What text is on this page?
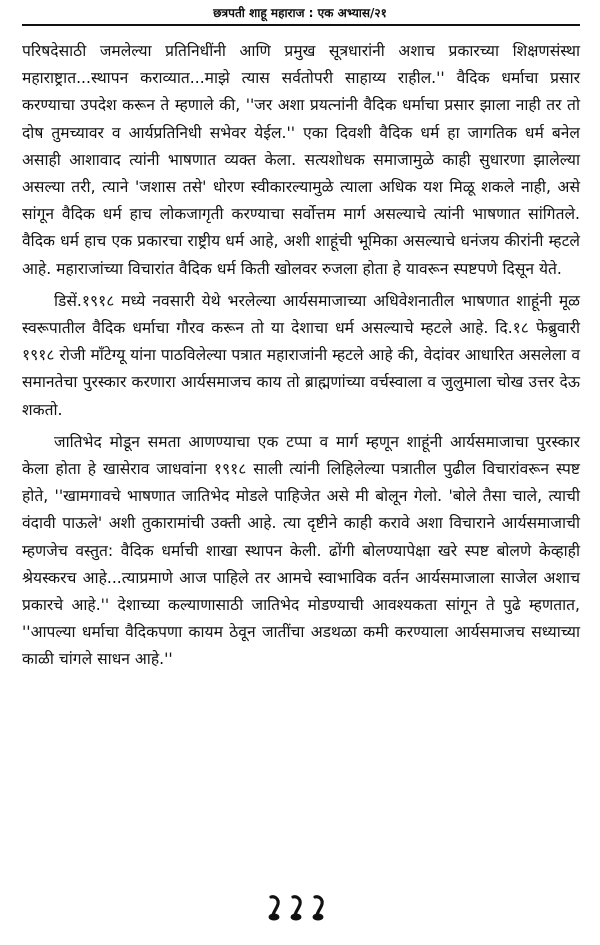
छत्रपती शाहू महाराज : एक अभ्यास/२१

परिषदेसाठी जमलेल्या प्रतिनिधींनी आणि प्रमुख सूत्रधारांनी अशाच प्रकारच्या शिक्षणसंस्था महाराष्ट्रात...स्थापन कराव्यात...माझे त्यास सर्वतोपरी साहाय्य राहील.'' वैदिक धर्माचा प्रसार करण्याचा उपदेश करून ते म्हणाले की, ''जर अशा प्रयत्नांनी वैदिक धर्माचा प्रसार झाला नाही तर तो दोष तुमच्यावर व आर्यप्रतिनिधी सभेवर येईल.'' एका दिवशी वैदिक धर्म हा जागतिक धर्म बनेल असाही आशावाद त्यांनी भाषणात व्यक्त केला. सत्यशोधक समाजामुळे काही सुधारणा झालेल्या असल्या तरी, त्याने 'जशास तसे' धोरण स्वीकारल्यामुळे त्याला अधिक यश मिळू शकले नाही, असे सांगून वैदिक धर्म हाच लोकजागृती करण्याचा सर्वोत्तम मार्ग असल्याचे त्यांनी भाषणात सांगितले. वैदिक धर्म हाच एक प्रकारचा राष्ट्रीय धर्म आहे, अशी शाहूंची भूमिका असल्याचे धनंजय कीरांनी म्हटले आहे. महाराजांच्या विचारांत वैदिक धर्म किती खोलवर रुजला होता हे यावरून स्पष्टपणे दिसून येते.

डिसें.१९१८ मध्ये नवसारी येथे भरलेल्या आर्यसमाजाच्या अधिवेशनातील भाषणात शाहूंनी मूळ स्वरूपातील वैदिक धर्माचा गौरव करून तो या देशाचा धर्म असल्याचे म्हटले आहे. दि.१८ फेब्रुवारी १९१८ रोजी मॉंटेग्यू यांना पाठविलेल्या पत्रात महाराजांनी म्हटले आहे की, वेदांवर आधारित असलेला व समानतेचा पुरस्कार करणारा आर्यसमाजच काय तो ब्राह्मणांच्या वर्चस्वाला व जुलुमाला चोख उत्तर देऊ शकतो.

जातिभेद मोडून समता आणण्याचा एक टप्पा व मार्ग म्हणून शाहूंनी आर्यसमाजाचा पुरस्कार केला होता हे खासेराव जाधवांना १९१८ साली त्यांनी लिहिलेल्या पत्रातील पुढील विचारांवरून स्पष्ट होते, ''खामगावचे भाषणात जातिभेद मोडले पाहिजेत असे मी बोलून गेलो. 'बोले तैसा चाले, त्याची वंदावी पाऊले' अशी तुकारामांची उक्ती आहे. त्या दृष्टीने काही करावे अशा विचाराने आर्यसमाजाची म्हणजेच वस्तुत: वैदिक धर्माची शाखा स्थापन केली. ढोंगी बोलण्यापेक्षा खरे स्पष्ट बोलणे केव्हाही श्रेयस्करच आहे...त्याप्रमाणे आज पाहिले तर आमचे स्वाभाविक वर्तन आर्यसमाजाला साजेल अशाच प्रकारचे आहे.'' देशाच्या कल्याणासाठी जातिभेद मोडण्याची आवश्यकता सांगून ते पुढे म्हणतात, ''आपल्या धर्माचा वैदिकपणा कायम ठेवून जातींचा अडथळा कमी करण्याला आर्यसमाजच सध्याच्या काळी चांगले साधन आहे.''
